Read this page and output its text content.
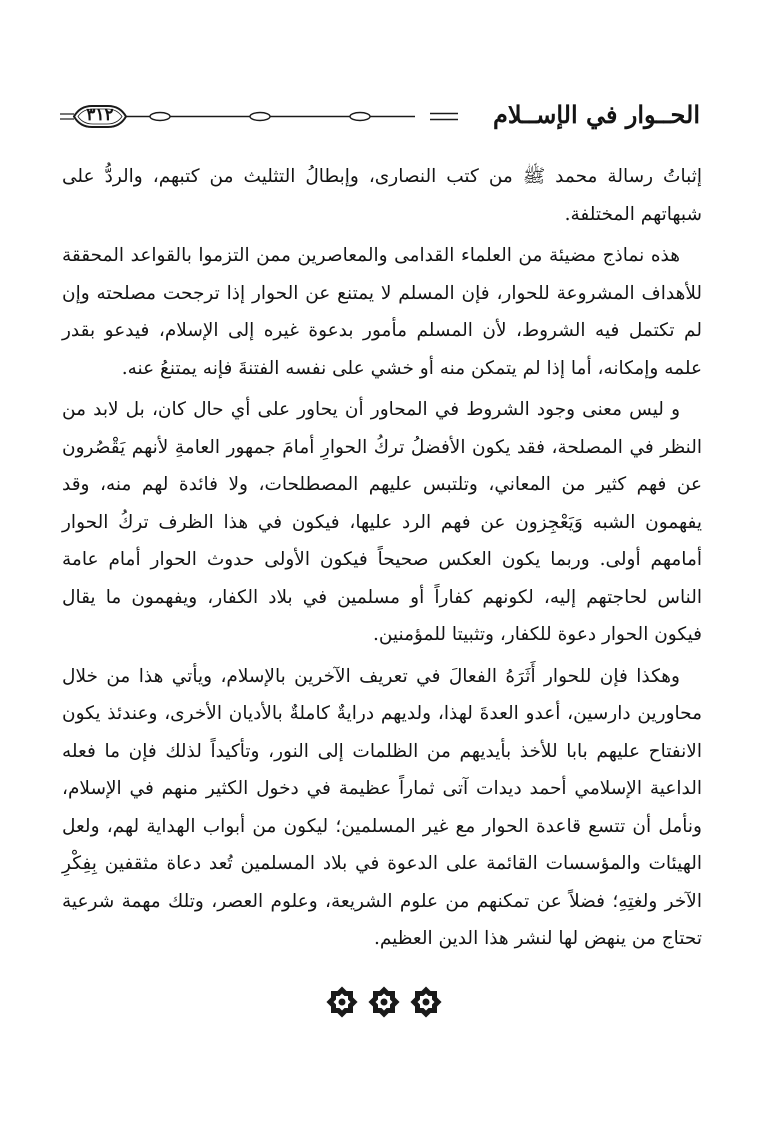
الحــوار في الإســلام
٣١٢

إثباتُ رسالة محمد ﷺ من كتب النصارى، وإبطالُ التثليث من كتبهم، والردُّ على شبهاتهم المختلفة.

هذه نماذج مضيئة من العلماء القدامى والمعاصرين ممن التزموا بالقواعد المحققة للأهداف المشروعة للحوار، فإن المسلم لا يمتنع عن الحوار إذا ترجحت مصلحته وإن لم تكتمل فيه الشروط، لأن المسلم مأمور بدعوة غيره إلى الإسلام، فيدعو بقدر علمه وإمكانه، أما إذا لم يتمكن منه أو خشي على نفسه الفتنةَ فإنه يمتنعُ عنه.

و ليس معنى وجود الشروط في المحاور أن يحاور على أي حال كان، بل لابد من النظر في المصلحة، فقد يكون الأفضلُ تركُ الحوارِ أمامَ جمهور العامةِ لأنهم يَقْصُرون عن فهم كثير من المعاني، وتلتبس عليهم المصطلحات، ولا فائدة لهم منه، وقد يفهمون الشبه وَيَعْجِزون عن فهم الرد عليها، فيكون في هذا الظرف تركُ الحوار أمامهم أولى. وربما يكون العكس صحيحاً فيكون الأولى حدوث الحوار أمام عامة الناس لحاجتهم إليه، لكونهم كفاراً أو مسلمين في بلاد الكفار، ويفهمون ما يقال فيكون الحوار دعوة للكفار، وتثبيتا للمؤمنين.

وهكذا فإن للحوار أَثَرَهُ الفعالَ في تعريف الآخرين بالإسلام، ويأتي هذا من خلال محاورين دارسين، أعدو العدةَ لهذا، ولديهم درايةٌ كاملةٌ بالأديان الأخرى، وعندئذ يكون الانفتاح عليهم بابا للأخذ بأيديهم من الظلمات إلى النور، وتأكيداً لذلك فإن ما فعله الداعية الإسلامي أحمد ديدات آتى ثماراً عظيمة في دخول الكثير منهم في الإسلام، ونأمل أن تتسع قاعدة الحوار مع غير المسلمين؛ ليكون من أبواب الهداية لهم، ولعل الهيئات والمؤسسات القائمة على الدعوة في بلاد المسلمين تُعد دعاة مثقفين بِفِكْرِ الآخر ولغتِهِ؛ فضلاً عن تمكنهم من علوم الشريعة، وعلوم العصر، وتلك مهمة شرعية تحتاج من ينهض لها لنشر هذا الدين العظيم.
